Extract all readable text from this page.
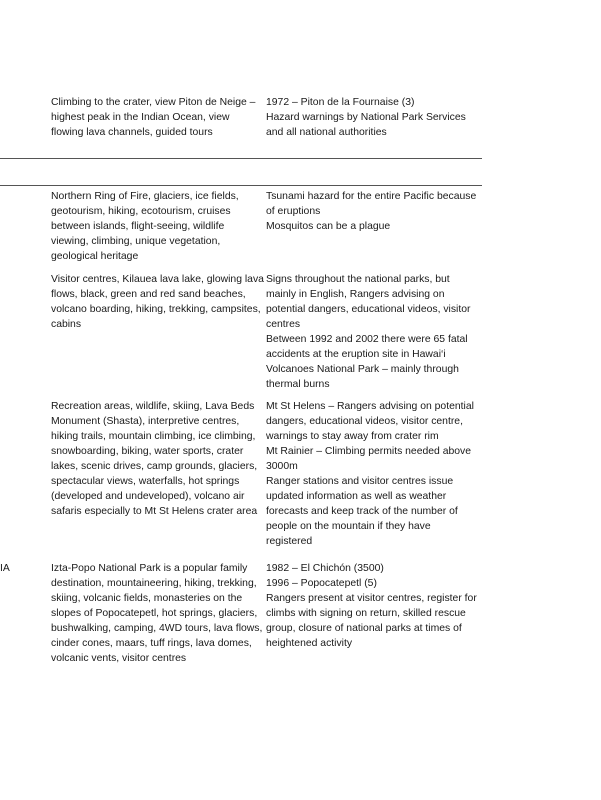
Climbing to the crater, view Piton de Neige –
highest peak in the Indian Ocean, view
flowing lava channels, guided tours
1972 – Piton de la Fournaise (3)
Hazard warnings by National Park Services
and all national authorities
Northern Ring of Fire, glaciers, ice fields,
geotourism, hiking, ecotourism, cruises
between islands, flight-seeing, wildlife
viewing, climbing, unique vegetation,
geological heritage
Tsunami hazard for the entire Pacific because
of eruptions
Mosquitos can be a plague
Visitor centres, Kilauea lava lake, glowing lava
flows, black, green and red sand beaches,
volcano boarding, hiking, trekking, campsites,
cabins
Signs throughout the national parks, but
mainly in English, Rangers advising on
potential dangers, educational videos, visitor
centres
Between 1992 and 2002 there were 65 fatal
accidents at the eruption site in Hawai‘i
Volcanoes National Park – mainly through
thermal burns
Recreation areas, wildlife, skiing, Lava Beds
Monument (Shasta), interpretive centres,
hiking trails, mountain climbing, ice climbing,
snowboarding, biking, water sports, crater
lakes, scenic drives, camp grounds, glaciers,
spectacular views, waterfalls, hot springs
(developed and undeveloped), volcano air
safaris especially to Mt St Helens crater area
Mt St Helens – Rangers advising on potential
dangers, educational videos, visitor centre,
warnings to stay away from crater rim
Mt Rainier – Climbing permits needed above
3000m
Ranger stations and visitor centres issue
updated information as well as weather
forecasts and keep track of the number of
people on the mountain if they have
registered
IA	Izta-Popo National Park is a popular family
destination, mountaineering, hiking, trekking,
skiing, volcanic fields, monasteries on the
slopes of Popocatepetl, hot springs, glaciers,
bushwalking, camping, 4WD tours, lava flows,
cinder cones, maars, tuff rings, lava domes,
volcanic vents, visitor centres
1982 – El Chichón (3500)
1996 – Popocatepetl (5)
Rangers present at visitor centres, register for
climbs with signing on return, skilled rescue
group, closure of national parks at times of
heightened activity
